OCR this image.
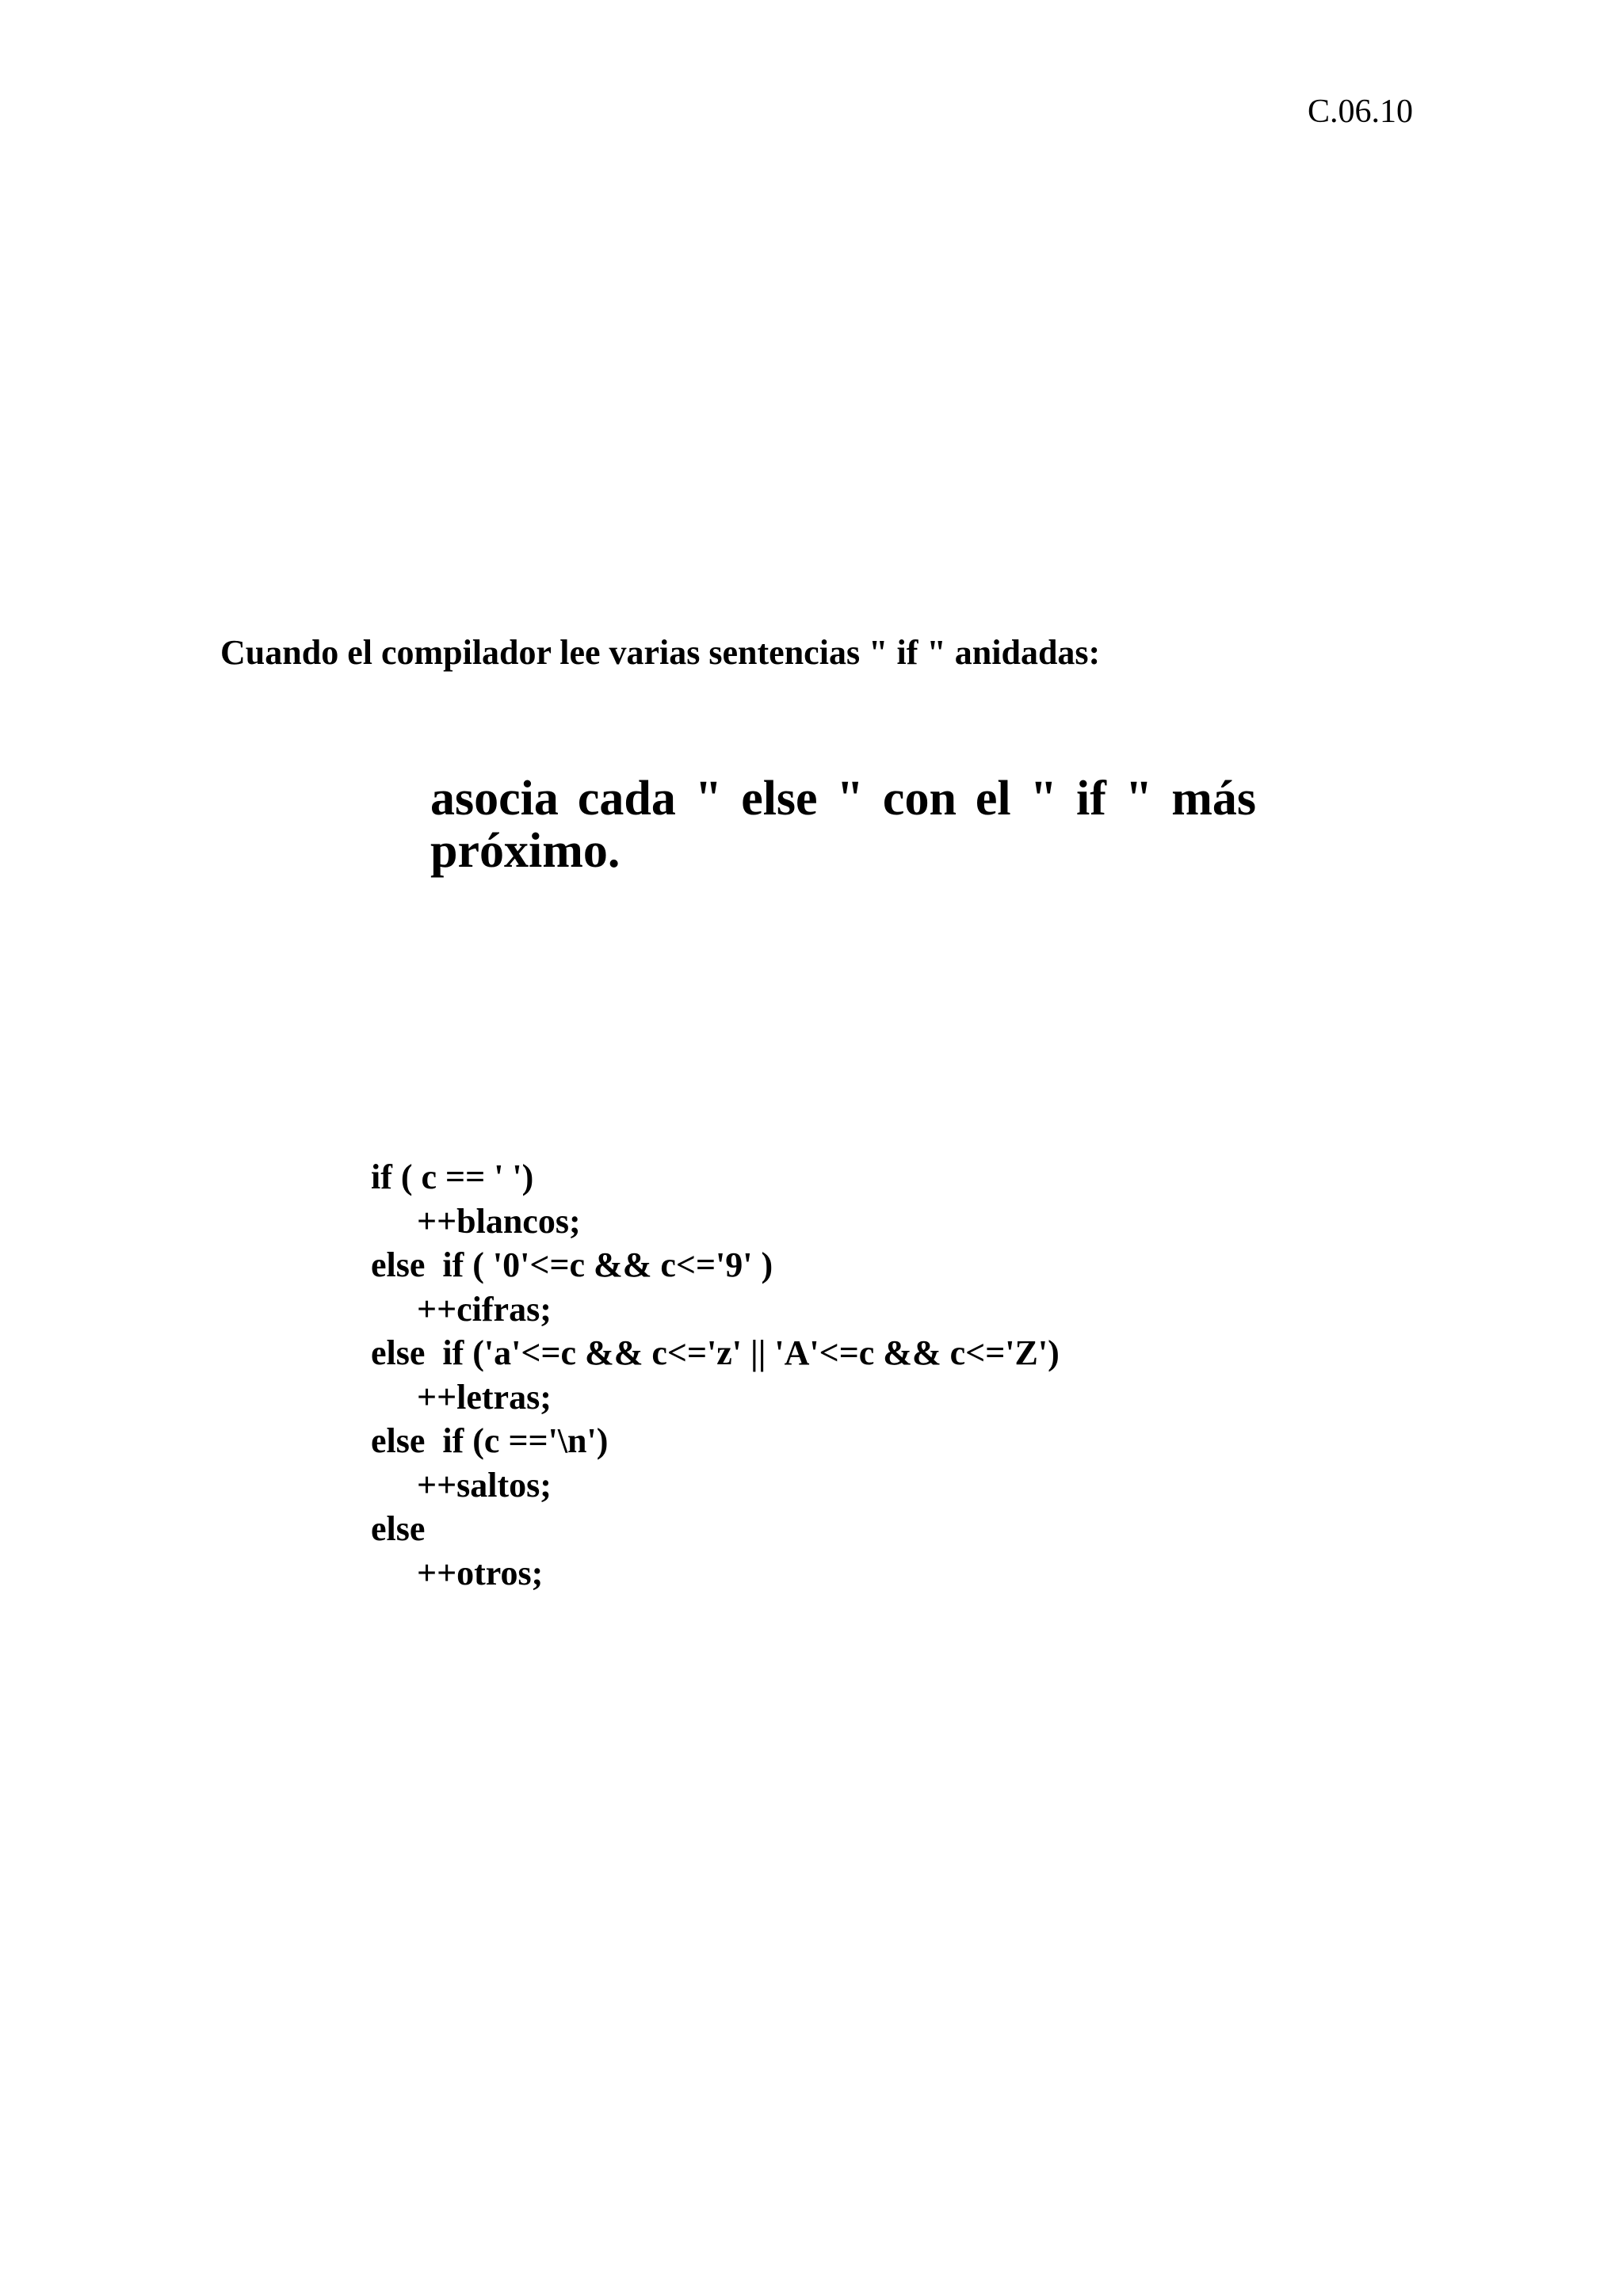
C.06.10
Cuando el compilador lee varias sentencias " if " anidadas:
asocia cada " else " con el " if " más próximo.
if ( c == ' ')
++blancos;
else  if ( '0'<=c && c<='9' )
++cifras;
else  if ('a'<=c && c<='z' || 'A'<=c && c<='Z')
++letras;
else  if (c =='\n')
++saltos;
else
++otros;
